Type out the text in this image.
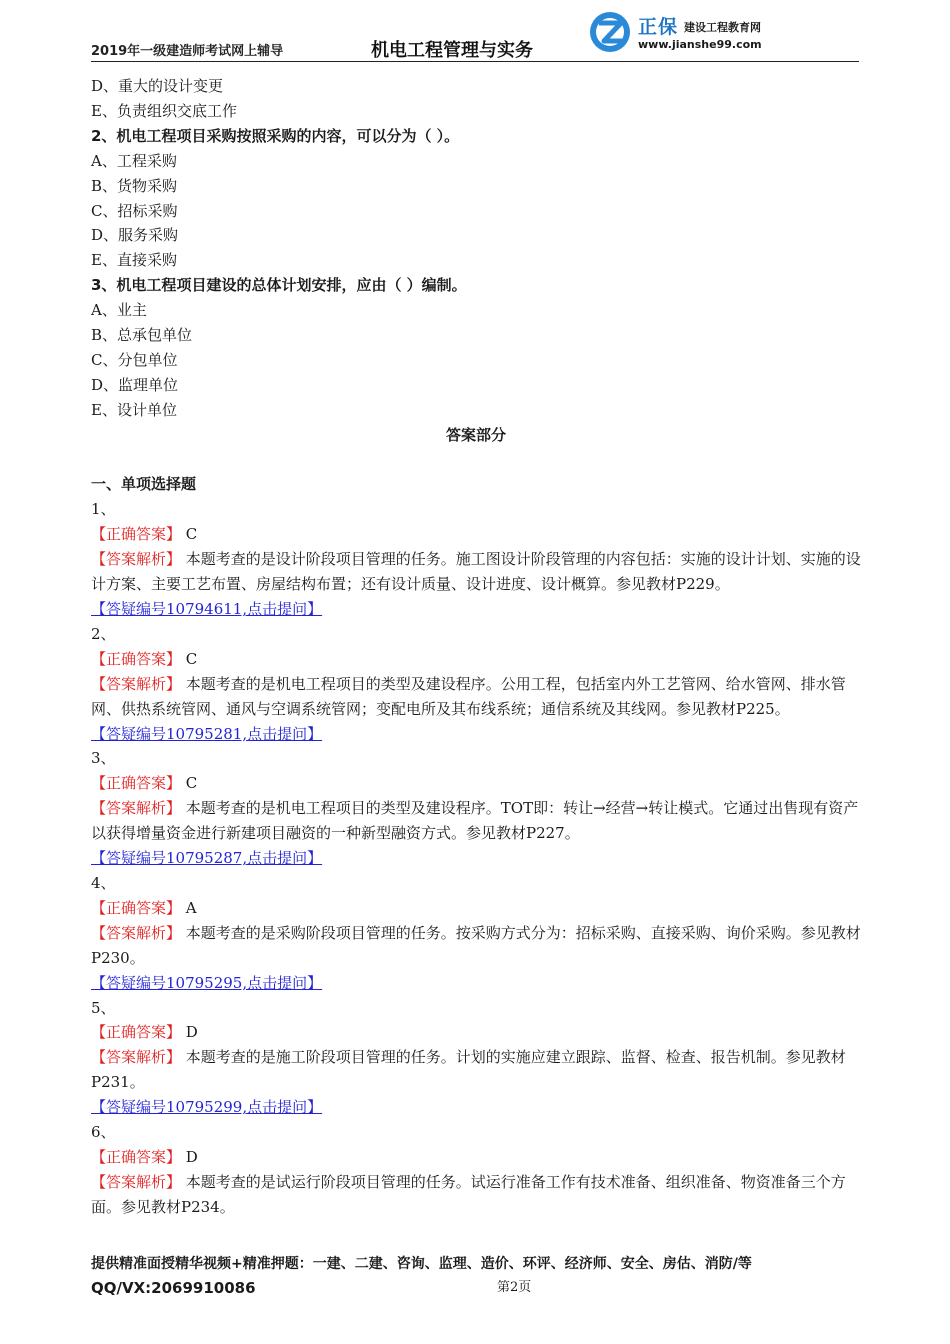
2019年一级建造师考试网上辅导	机电工程管理与实务
正保 建设工程教育网
www.jianshe99.com
D、重大的设计变更
E、负责组织交底工作
2、机电工程项目采购按照采购的内容，可以分为（ ）。
A、工程采购
B、货物采购
C、招标采购
D、服务采购
E、直接采购
3、机电工程项目建设的总体计划安排，应由（ ）编制。
A、业主
B、总承包单位
C、分包单位
D、监理单位
E、设计单位
答案部分
一、单项选择题
1、
【正确答案】 C
【答案解析】 本题考查的是设计阶段项目管理的任务。施工图设计阶段管理的内容包括：实施的设计计划、实施的设计方案、主要工艺布置、房屋结构布置；还有设计质量、设计进度、设计概算。参见教材P229。
【答疑编号10794611,点击提问】
2、
【正确答案】 C
【答案解析】 本题考查的是机电工程项目的类型及建设程序。公用工程，包括室内外工艺管网、给水管网、排水管网、供热系统管网、通风与空调系统管网；变配电所及其布线系统；通信系统及其线网。参见教材P225。
【答疑编号10795281,点击提问】
3、
【正确答案】 C
【答案解析】 本题考查的是机电工程项目的类型及建设程序。TOT即：转让→经营→转让模式。它通过出售现有资产以获得增量资金进行新建项目融资的一种新型融资方式。参见教材P227。
【答疑编号10795287,点击提问】
4、
【正确答案】 A
【答案解析】 本题考查的是采购阶段项目管理的任务。按采购方式分为：招标采购、直接采购、询价采购。参见教材P230。
【答疑编号10795295,点击提问】
5、
【正确答案】 D
【答案解析】 本题考查的是施工阶段项目管理的任务。计划的实施应建立跟踪、监督、检查、报告机制。参见教材P231。
【答疑编号10795299,点击提问】
6、
【正确答案】 D
【答案解析】 本题考查的是试运行阶段项目管理的任务。试运行准备工作有技术准备、组织准备、物资准备三个方面。参见教材P234。
提供精准面授精华视频+精准押题：一建、二建、咨询、监理、造价、环评、经济师、安全、房估、消防/等
QQ/VX:2069910086	第2页
